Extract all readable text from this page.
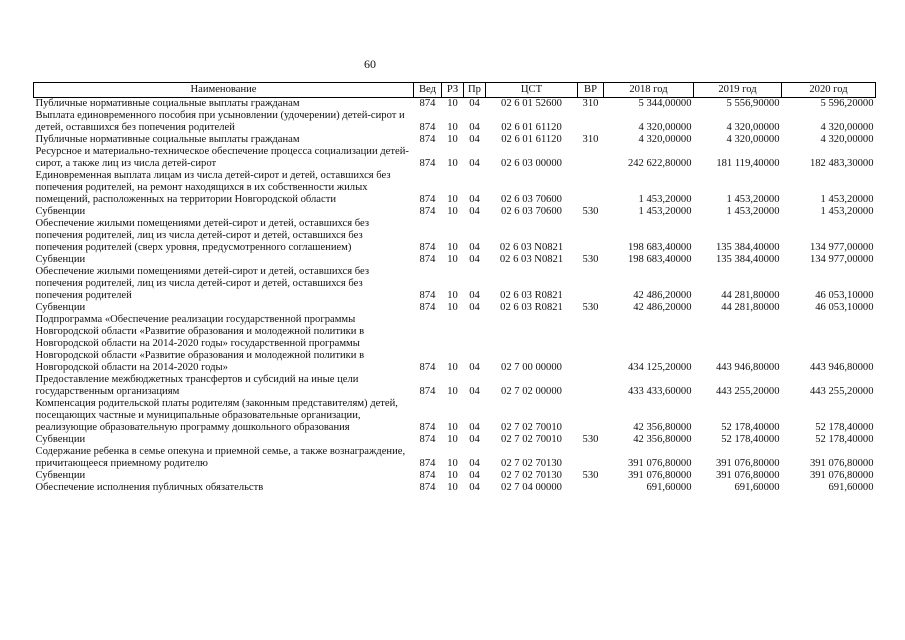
60
Наименование	Вед	РЗ	Пр	ЦСТ	ВР	2018 год	2019 год	2020 год
Публичные нормативные социальные выплаты гражданам	874	10	04	02 6 01 52600	310	5 344,00000	5 556,90000	5 596,20000
Выплата единовременного пособия при усыновлении (удочерении) детей-сирот и детей, оставшихся без попечения родителей	874	10	04	02 6 01 61120		4 320,00000	4 320,00000	4 320,00000
Публичные нормативные социальные выплаты гражданам	874	10	04	02 6 01 61120	310	4 320,00000	4 320,00000	4 320,00000
Ресурсное и материально-техническое обеспечение процесса социализации детей-сирот, а также лиц из числа детей-сирот	874	10	04	02 6 03 00000		242 622,80000	181 119,40000	182 483,30000
Единовременная выплата лицам из числа детей-сирот и детей, оставшихся без попечения родителей, на ремонт находящихся в их собственности жилых помещений, расположенных на территории Новгородской области	874	10	04	02 6 03 70600		1 453,20000	1 453,20000	1 453,20000
Субвенции	874	10	04	02 6 03 70600	530	1 453,20000	1 453,20000	1 453,20000
Обеспечение жилыми помещениями детей-сирот и детей, оставшихся без попечения родителей, лиц из числа детей-сирот и детей, оставшихся без попечения родителей (сверх уровня, предусмотренного соглашением)	874	10	04	02 6 03 N0821		198 683,40000	135 384,40000	134 977,00000
Субвенции	874	10	04	02 6 03 N0821	530	198 683,40000	135 384,40000	134 977,00000
Обеспечение жилыми помещениями детей-сирот и детей, оставшихся без попечения родителей, лиц из числа детей-сирот и детей, оставшихся без попечения родителей	874	10	04	02 6 03 R0821		42 486,20000	44 281,80000	46 053,10000
Субвенции	874	10	04	02 6 03 R0821	530	42 486,20000	44 281,80000	46 053,10000
Подпрограмма «Обеспечение реализации государственной программы Новгородской области «Развитие образования и молодежной политики в Новгородской области на 2014-2020 годы» государственной программы Новгородской области «Развитие образования и молодежной политики в Новгородской области на 2014-2020 годы»	874	10	04	02 7 00 00000		434 125,20000	443 946,80000	443 946,80000
Предоставление межбюджетных трансфертов и субсидий на иные цели государственным организациям	874	10	04	02 7 02 00000		433 433,60000	443 255,20000	443 255,20000
Компенсация родительской платы родителям (законным представителям) детей, посещающих частные и муниципальные образовательные организации, реализующие образовательную программу дошкольного образования	874	10	04	02 7 02 70010		42 356,80000	52 178,40000	52 178,40000
Субвенции	874	10	04	02 7 02 70010	530	42 356,80000	52 178,40000	52 178,40000
Содержание ребенка в семье опекуна и приемной семье, а также вознаграждение, причитающееся приемному родителю	874	10	04	02 7 02 70130		391 076,80000	391 076,80000	391 076,80000
Субвенции	874	10	04	02 7 02 70130	530	391 076,80000	391 076,80000	391 076,80000
Обеспечение исполнения публичных обязательств	874	10	04	02 7 04 00000		691,60000	691,60000	691,60000
